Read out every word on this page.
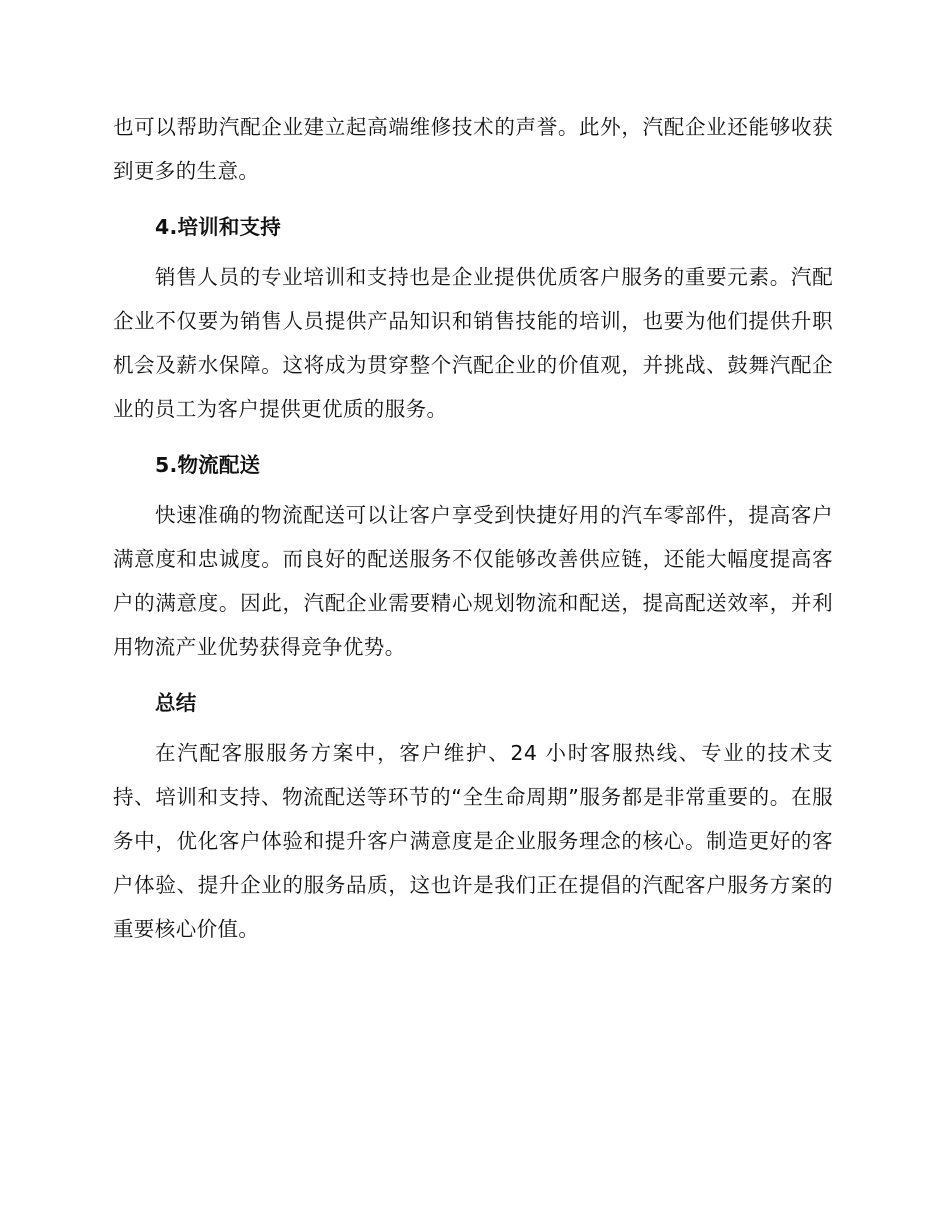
也可以帮助汽配企业建立起高端维修技术的声誉。此外，汽配企业还能够收获到更多的生意。

4.培训和支持

销售人员的专业培训和支持也是企业提供优质客户服务的重要元素。汽配企业不仅要为销售人员提供产品知识和销售技能的培训，也要为他们提供升职机会及薪水保障。这将成为贯穿整个汽配企业的价值观，并挑战、鼓舞汽配企业的员工为客户提供更优质的服务。

5.物流配送

快速准确的物流配送可以让客户享受到快捷好用的汽车零部件，提高客户满意度和忠诚度。而良好的配送服务不仅能够改善供应链，还能大幅度提高客户的满意度。因此，汽配企业需要精心规划物流和配送，提高配送效率，并利用物流产业优势获得竞争优势。

总结

在汽配客服服务方案中，客户维护、24 小时客服热线、专业的技术支持、培训和支持、物流配送等环节的“全生命周期”服务都是非常重要的。在服务中，优化客户体验和提升客户满意度是企业服务理念的核心。制造更好的客户体验、提升企业的服务品质，这也许是我们正在提倡的汽配客户服务方案的重要核心价值。
